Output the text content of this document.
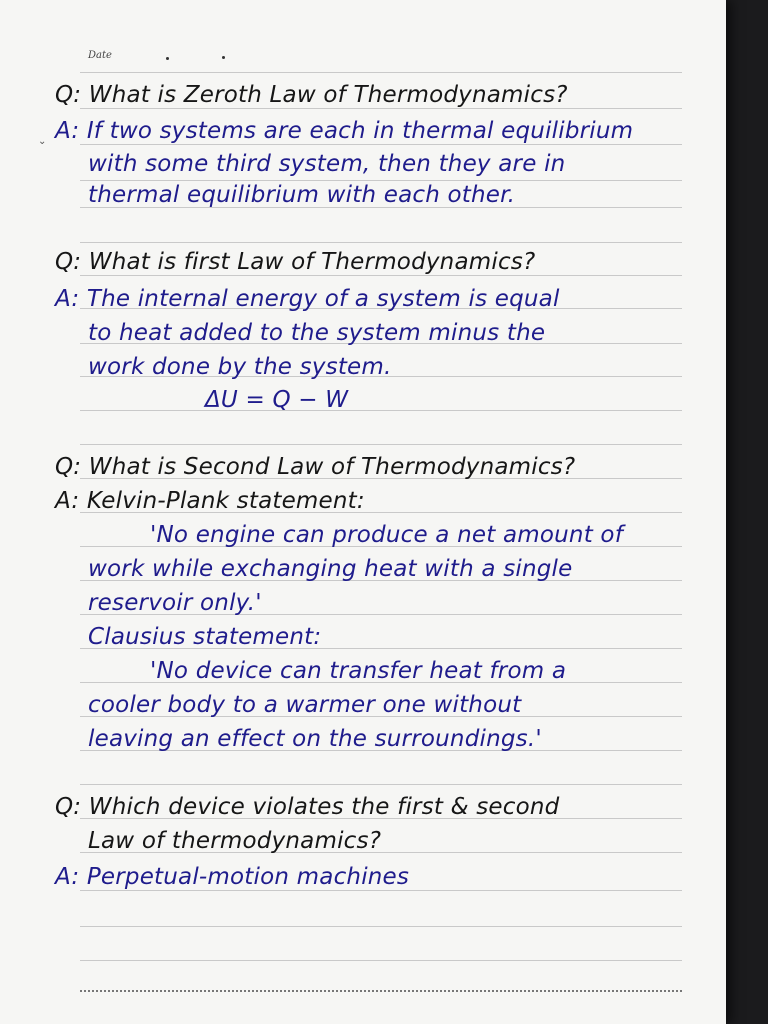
Date
⌄
Q: What is Zeroth Law of Thermodynamics?
A: If two systems are each in thermal equilibrium
with some third system, then they are in
thermal equilibrium with each other.
Q: What is first Law of Thermodynamics?
A: The internal energy of a system is equal
to heat added to the system minus the
work done by the system.
ΔU = Q − W
Q: What is Second Law of Thermodynamics?
A: Kelvin-Plank statement:
'No engine can produce a net amount of
work while exchanging heat with a single
reservoir only.'
Clausius statement:
'No device can transfer heat from a
cooler body to a warmer one without
leaving an effect on the surroundings.'
Q: Which device violates the first & second
Law of thermodynamics?
A: Perpetual-motion machines
